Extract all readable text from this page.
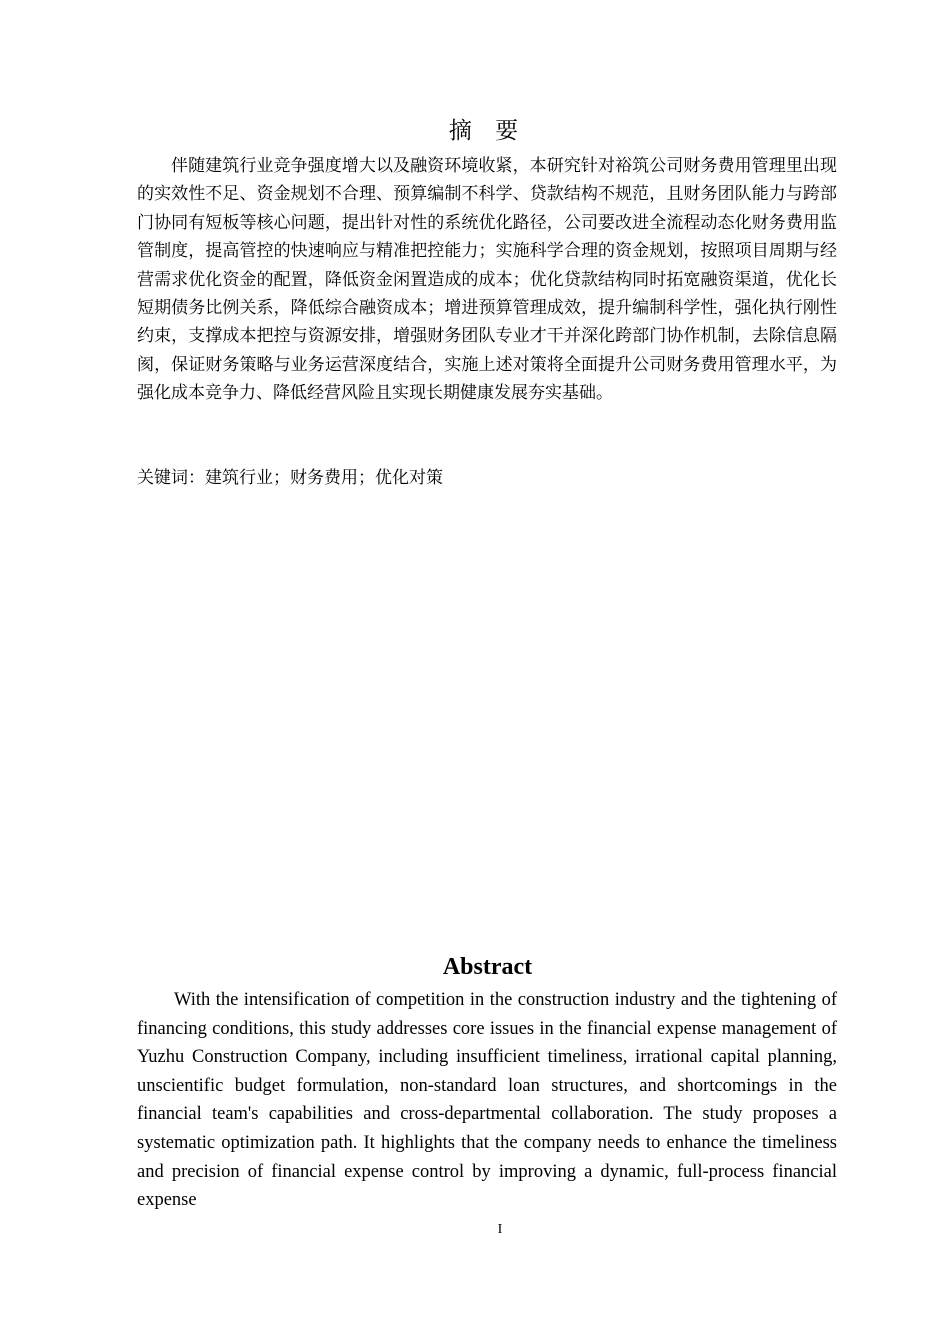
摘 要

伴随建筑行业竞争强度增大以及融资环境收紧，本研究针对裕筑公司财务费用管理里出现的实效性不足、资金规划不合理、预算编制不科学、贷款结构不规范，且财务团队能力与跨部门协同有短板等核心问题，提出针对性的系统优化路径，公司要改进全流程动态化财务费用监管制度，提高管控的快速响应与精准把控能力；实施科学合理的资金规划，按照项目周期与经营需求优化资金的配置，降低资金闲置造成的成本；优化贷款结构同时拓宽融资渠道，优化长短期债务比例关系，降低综合融资成本；增进预算管理成效，提升编制科学性，强化执行刚性约束，支撑成本把控与资源安排，增强财务团队专业才干并深化跨部门协作机制，去除信息隔阂，保证财务策略与业务运营深度结合，实施上述对策将全面提升公司财务费用管理水平，为强化成本竞争力、降低经营风险且实现长期健康发展夯实基础。

关键词：建筑行业；财务费用；优化对策

Abstract

With the intensification of competition in the construction industry and the tightening of financing conditions, this study addresses core issues in the financial expense management of Yuzhu Construction Company, including insufficient timeliness, irrational capital planning, unscientific budget formulation, non-standard loan structures, and shortcomings in the financial team's capabilities and cross-departmental collaboration. The study proposes a systematic optimization path. It highlights that the company needs to enhance the timeliness and precision of financial expense control by improving a dynamic, full-process financial expense

I
